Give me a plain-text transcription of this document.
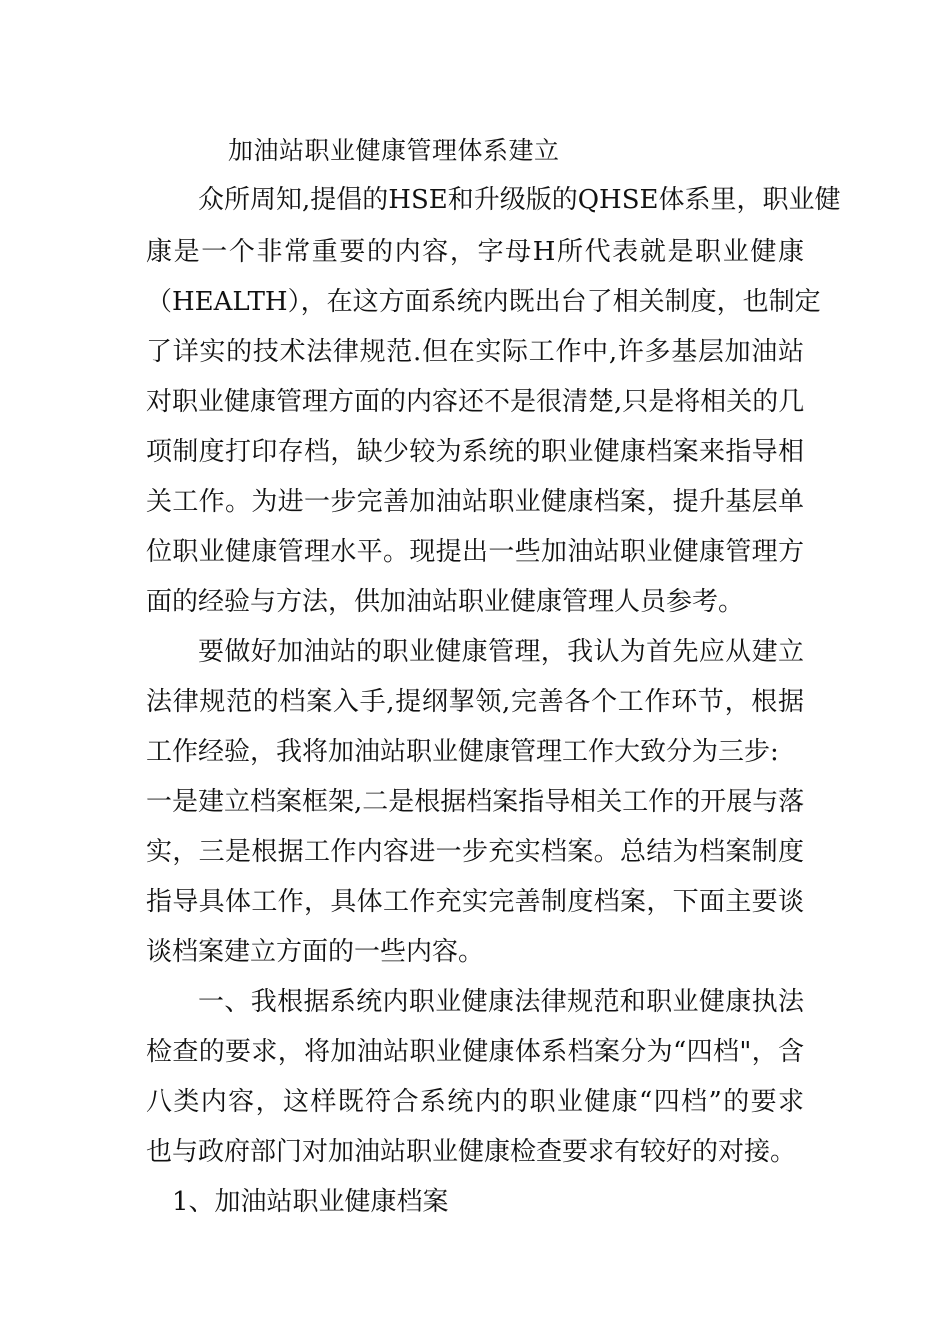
加油站职业健康管理体系建立
众所周知,提倡的HSE和升级版的QHSE体系里，职业健
康是一个非常重要的内容，字母H所代表就是职业健康
（HEALTH），在这方面系统内既出台了相关制度，也制定
了详实的技术法律规范.但在实际工作中,许多基层加油站
对职业健康管理方面的内容还不是很清楚,只是将相关的几
项制度打印存档，缺少较为系统的职业健康档案来指导相
关工作。为进一步完善加油站职业健康档案，提升基层单
位职业健康管理水平。现提出一些加油站职业健康管理方
面的经验与方法，供加油站职业健康管理人员参考。
要做好加油站的职业健康管理，我认为首先应从建立
法律规范的档案入手,提纲挈领,完善各个工作环节，根据
工作经验，我将加油站职业健康管理工作大致分为三步:
一是建立档案框架,二是根据档案指导相关工作的开展与落
实，三是根据工作内容进一步充实档案。总结为档案制度
指导具体工作，具体工作充实完善制度档案，下面主要谈
谈档案建立方面的一些内容。
一、我根据系统内职业健康法律规范和职业健康执法
检查的要求，将加油站职业健康体系档案分为“四档"，含
八类内容，这样既符合系统内的职业健康“四档”的要求
也与政府部门对加油站职业健康检查要求有较好的对接。
1、加油站职业健康档案
